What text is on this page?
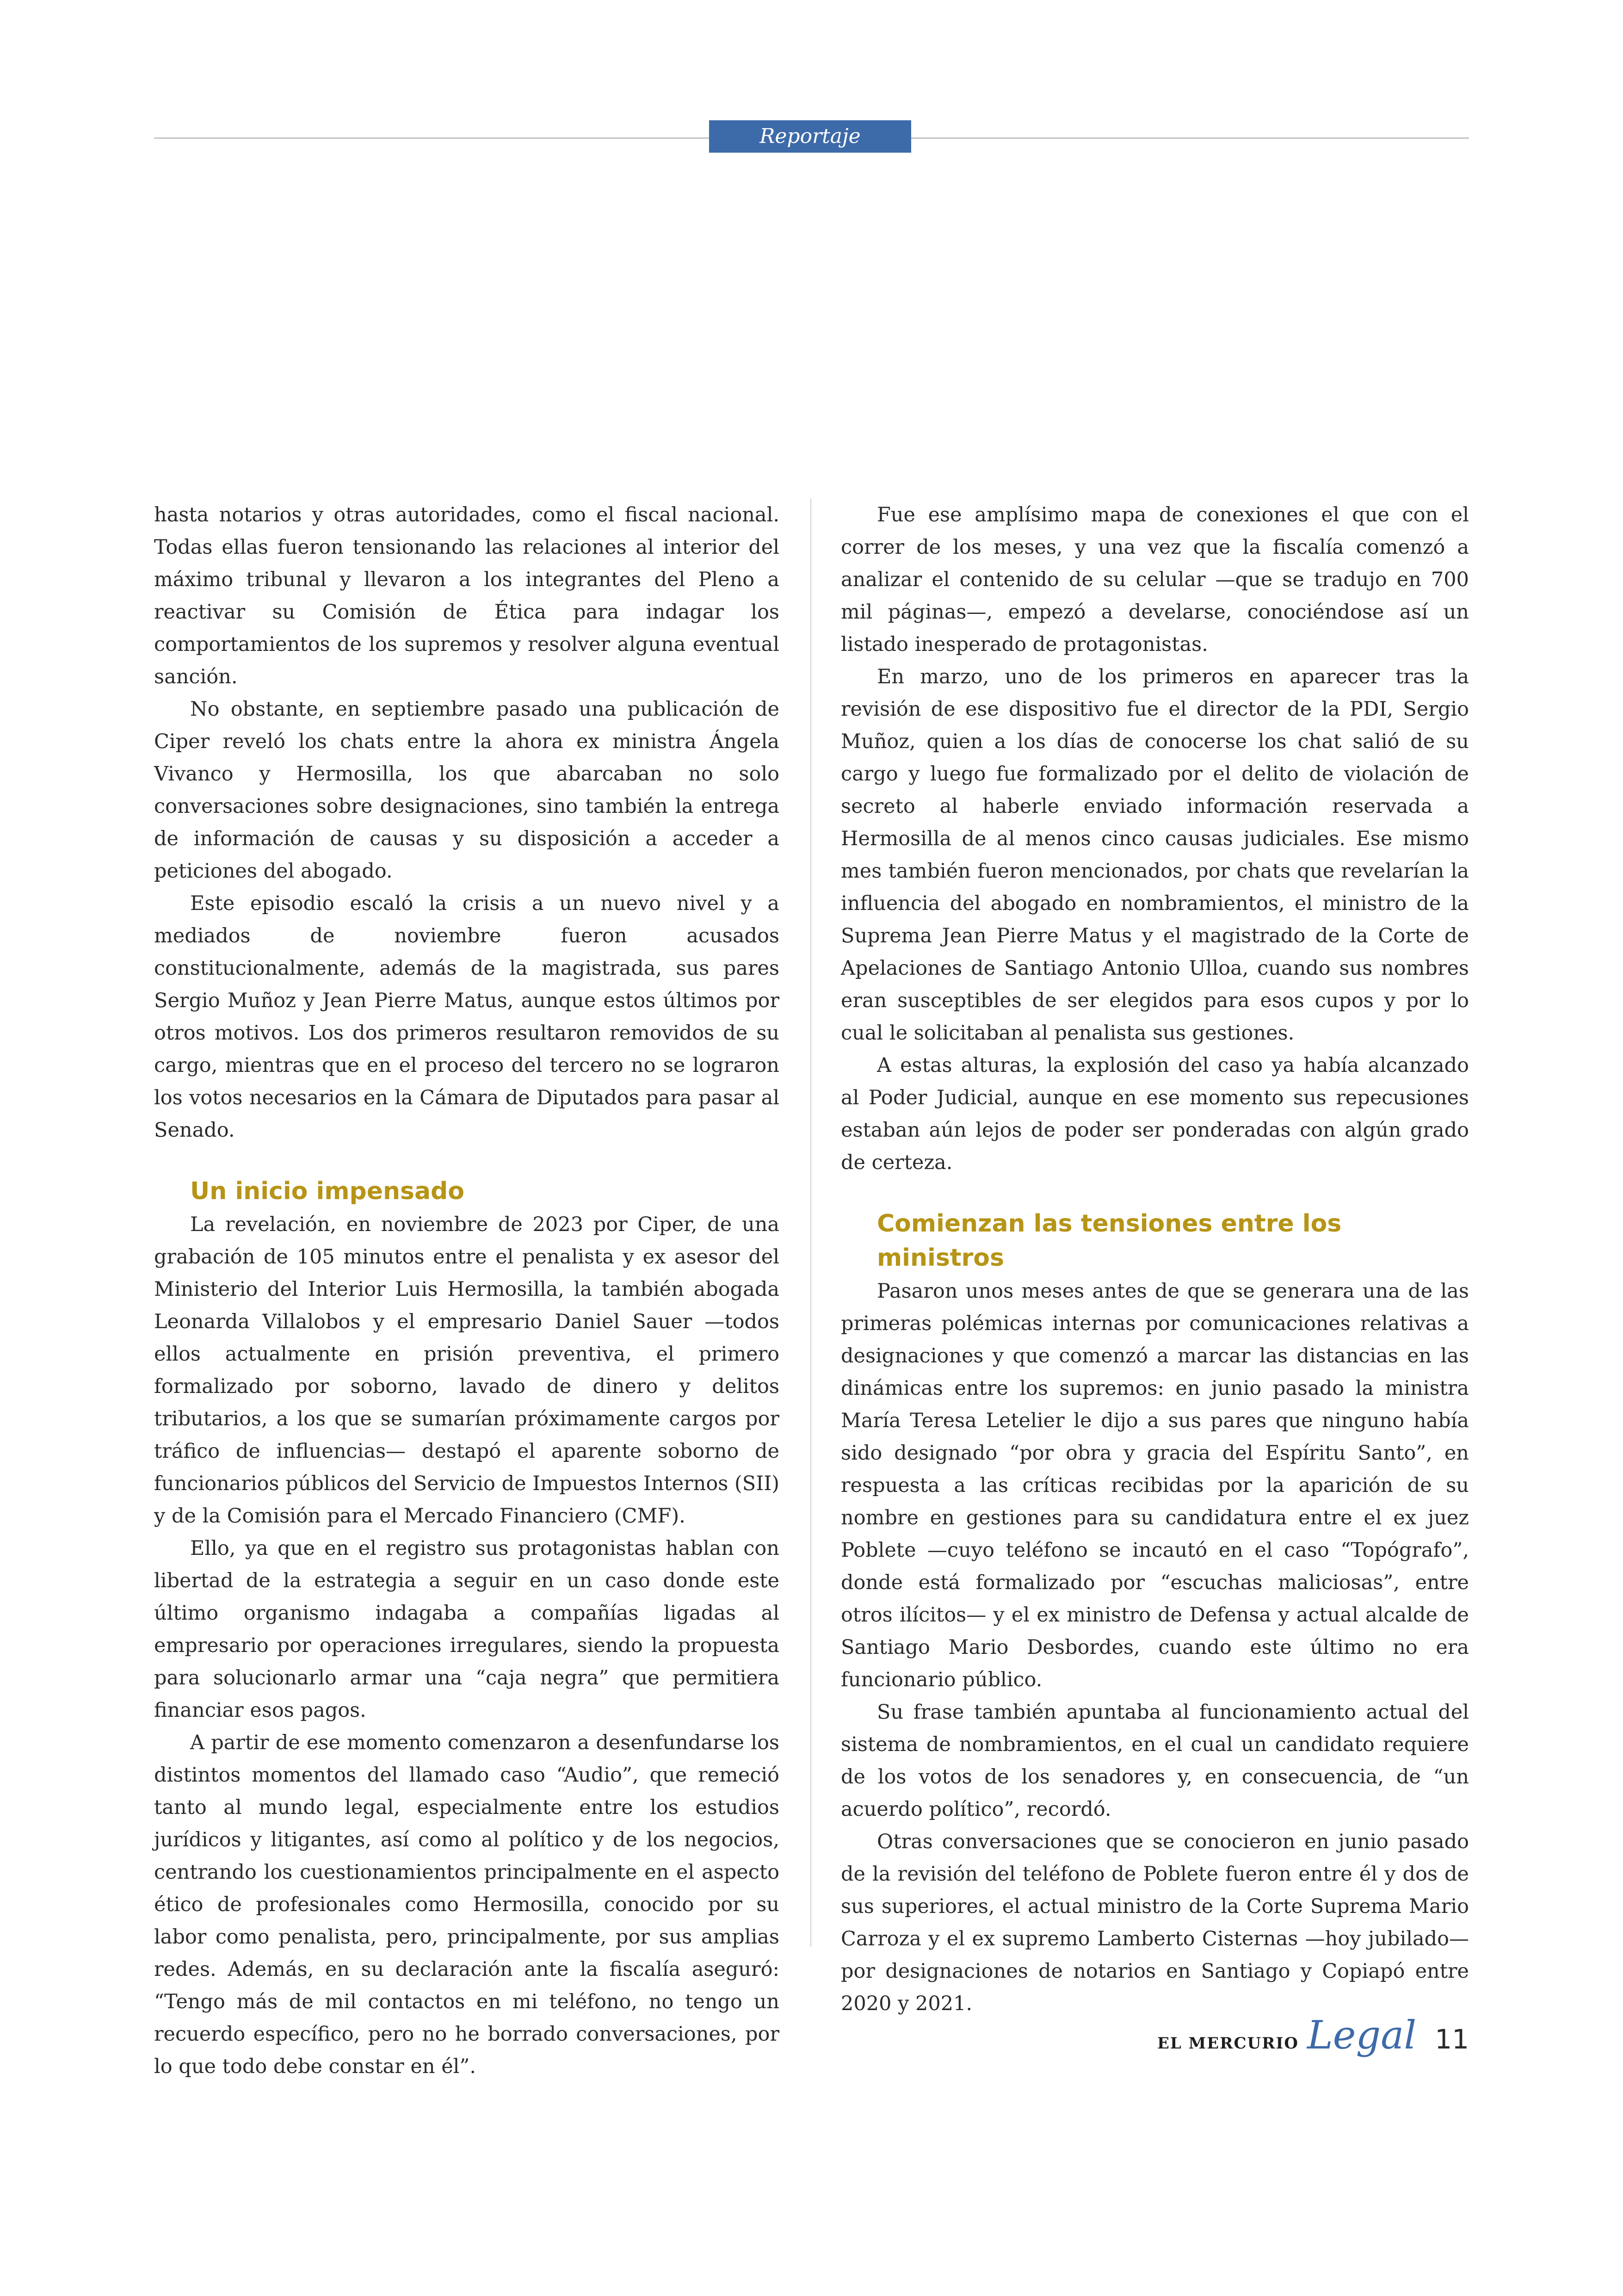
Reportaje

hasta notarios y otras autoridades, como el fiscal nacional. Todas ellas fueron tensionando las relaciones al interior del máximo tribunal y llevaron a los integrantes del Pleno a reactivar su Comisión de Ética para indagar los comportamientos de los supremos y resolver alguna eventual sanción.

No obstante, en septiembre pasado una publicación de Ciper reveló los chats entre la ahora ex ministra Ángela Vivanco y Hermosilla, los que abarcaban no solo conversaciones sobre designaciones, sino también la entrega de información de causas y su disposición a acceder a peticiones del abogado.

Este episodio escaló la crisis a un nuevo nivel y a mediados de noviembre fueron acusados constitucionalmente, además de la magistrada, sus pares Sergio Muñoz y Jean Pierre Matus, aunque estos últimos por otros motivos. Los dos primeros resultaron removidos de su cargo, mientras que en el proceso del tercero no se lograron los votos necesarios en la Cámara de Diputados para pasar al Senado.

Un inicio impensado

La revelación, en noviembre de 2023 por Ciper, de una grabación de 105 minutos entre el penalista y ex asesor del Ministerio del Interior Luis Hermosilla, la también abogada Leonarda Villalobos y el empresario Daniel Sauer —todos ellos actualmente en prisión preventiva, el primero formalizado por soborno, lavado de dinero y delitos tributarios, a los que se sumarían próximamente cargos por tráfico de influencias— destapó el aparente soborno de funcionarios públicos del Servicio de Impuestos Internos (SII) y de la Comisión para el Mercado Financiero (CMF).

Ello, ya que en el registro sus protagonistas hablan con libertad de la estrategia a seguir en un caso donde este último organismo indagaba a compañías ligadas al empresario por operaciones irregulares, siendo la propuesta para solucionarlo armar una “caja negra” que permitiera financiar esos pagos.

A partir de ese momento comenzaron a desenfundarse los distintos momentos del llamado caso “Audio”, que remeció tanto al mundo legal, especialmente entre los estudios jurídicos y litigantes, así como al político y de los negocios, centrando los cuestionamientos principalmente en el aspecto ético de profesionales como Hermosilla, conocido por su labor como penalista, pero, principalmente, por sus amplias redes. Además, en su declaración ante la fiscalía aseguró: “Tengo más de mil contactos en mi teléfono, no tengo un recuerdo específico, pero no he borrado conversaciones, por lo que todo debe constar en él”.

Fue ese amplísimo mapa de conexiones el que con el correr de los meses, y una vez que la fiscalía comenzó a analizar el contenido de su celular —que se tradujo en 700 mil páginas—, empezó a develarse, conociéndose así un listado inesperado de protagonistas.

En marzo, uno de los primeros en aparecer tras la revisión de ese dispositivo fue el director de la PDI, Sergio Muñoz, quien a los días de conocerse los chat salió de su cargo y luego fue formalizado por el delito de violación de secreto al haberle enviado información reservada a Hermosilla de al menos cinco causas judiciales. Ese mismo mes también fueron mencionados, por chats que revelarían la influencia del abogado en nombramientos, el ministro de la Suprema Jean Pierre Matus y el magistrado de la Corte de Apelaciones de Santiago Antonio Ulloa, cuando sus nombres eran susceptibles de ser elegidos para esos cupos y por lo cual le solicitaban al penalista sus gestiones.

A estas alturas, la explosión del caso ya había alcanzado al Poder Judicial, aunque en ese momento sus repecusiones estaban aún lejos de poder ser ponderadas con algún grado de certeza.

Comienzan las tensiones entre los ministros

Pasaron unos meses antes de que se generara una de las primeras polémicas internas por comunicaciones relativas a designaciones y que comenzó a marcar las distancias en las dinámicas entre los supremos: en junio pasado la ministra María Teresa Letelier le dijo a sus pares que ninguno había sido designado “por obra y gracia del Espíritu Santo”, en respuesta a las críticas recibidas por la aparición de su nombre en gestiones para su candidatura entre el ex juez Poblete —cuyo teléfono se incautó en el caso “Topógrafo”, donde está formalizado por “escuchas maliciosas”, entre otros ilícitos— y el ex ministro de Defensa y actual alcalde de Santiago Mario Desbordes, cuando este último no era funcionario público.

Su frase también apuntaba al funcionamiento actual del sistema de nombramientos, en el cual un candidato requiere de los votos de los senadores y, en consecuencia, de “un acuerdo político”, recordó.

Otras conversaciones que se conocieron en junio pasado de la revisión del teléfono de Poblete fueron entre él y dos de sus superiores, el actual ministro de la Corte Suprema Mario Carroza y el ex supremo Lamberto Cisternas —hoy jubilado— por designaciones de notarios en Santiago y Copiapó entre 2020 y 2021.

EL MERCURIO Legal 11
